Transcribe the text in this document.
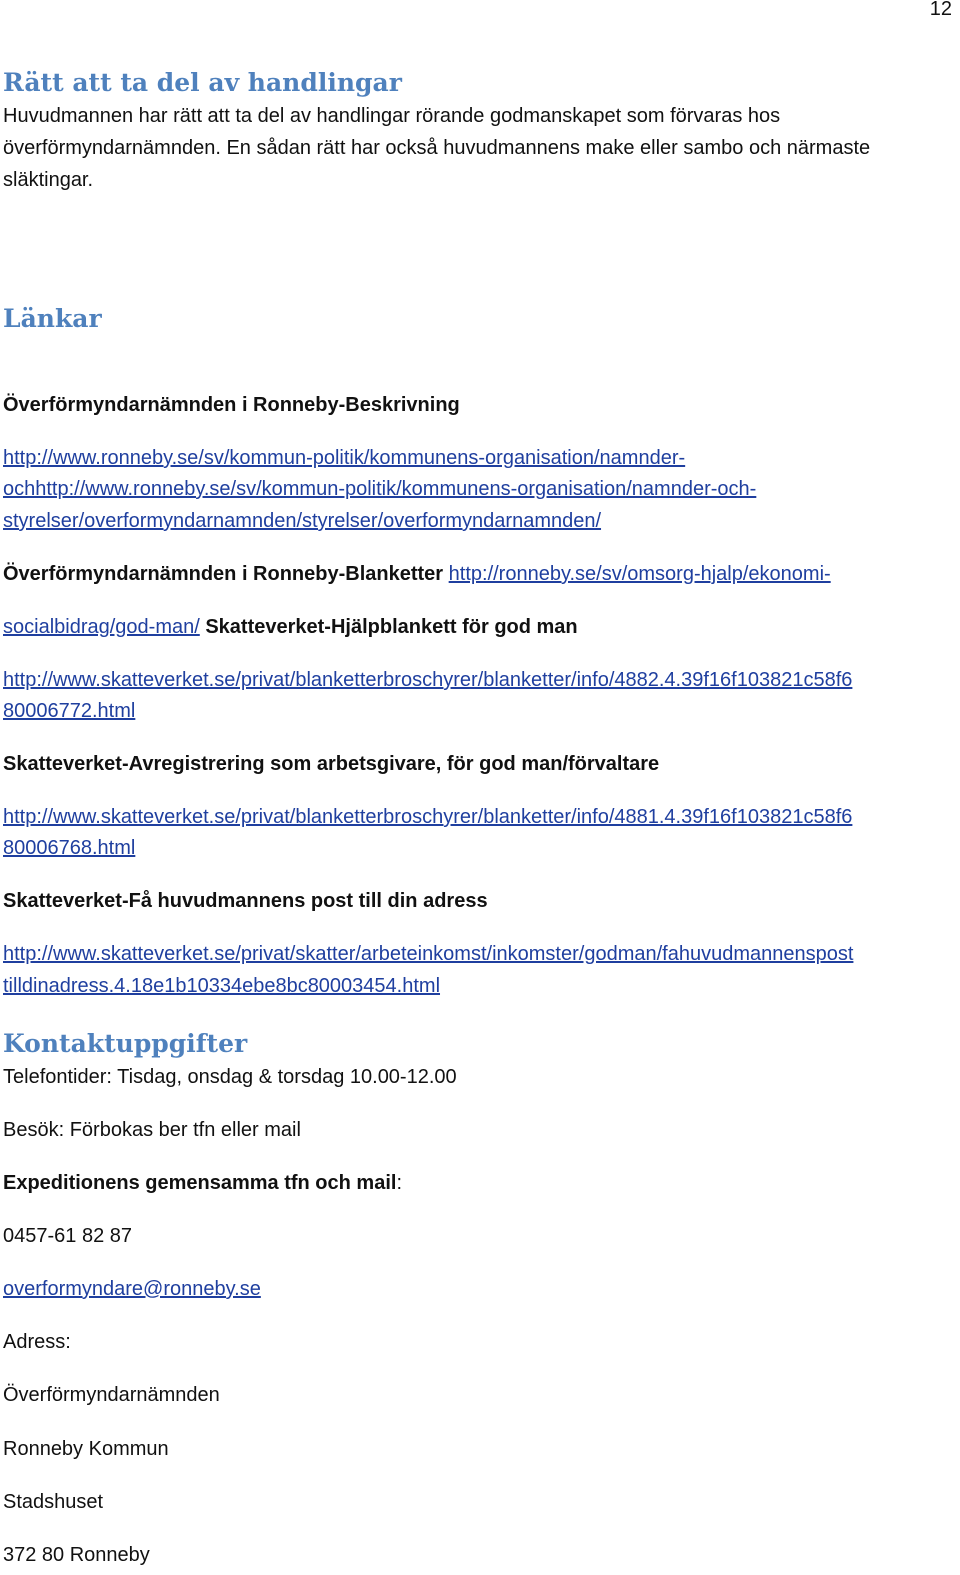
12
Rätt att ta del av handlingar
Huvudmannen har rätt att ta del av handlingar rörande godmanskapet som förvaras hos
överförmyndarnämnden. En sådan rätt har också huvudmannens make eller sambo och närmaste
släktingar.
Länkar
Överförmyndarnämnden i Ronneby-Beskrivning
http://www.ronneby.se/sv/kommun-politik/kommunens-organisation/namnder-
ochhttp://www.ronneby.se/sv/kommun-politik/kommunens-organisation/namnder-och-
styrelser/overformyndarnamnden/styrelser/overformyndarnamnden/
Överförmyndarnämnden i Ronneby-Blanketter http://ronneby.se/sv/omsorg-hjalp/ekonomi-
socialbidrag/god-man/ Skatteverket-Hjälpblankett för god man
http://www.skatteverket.se/privat/blanketterbroschyrer/blanketter/info/4882.4.39f16f103821c58f6
80006772.html
Skatteverket-Avregistrering som arbetsgivare, för god man/förvaltare
http://www.skatteverket.se/privat/blanketterbroschyrer/blanketter/info/4881.4.39f16f103821c58f6
80006768.html
Skatteverket-Få huvudmannens post till din adress
http://www.skatteverket.se/privat/skatter/arbeteinkomst/inkomster/godman/fahuvudmannenspost
tilldinadress.4.18e1b10334ebe8bc80003454.html
Kontaktuppgifter
Telefontider: Tisdag, onsdag & torsdag 10.00-12.00
Besök: Förbokas ber tfn eller mail
Expeditionens gemensamma tfn och mail:
0457-61 82 87
overformyndare@ronneby.se
Adress:
Överförmyndarnämnden
Ronneby Kommun
Stadshuset
372 80 Ronneby
